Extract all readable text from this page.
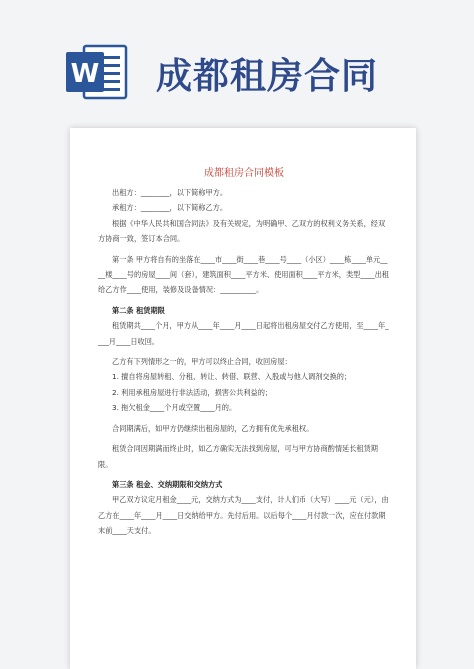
W 成都租房合同
成都租房合同模板

出租方：________，以下简称甲方。

承租方：________，以下简称乙方。

根据《中华人民共和国合同法》及有关规定，为明确甲、乙双方的权利义务关系，经双方协商一致，签订本合同。

第一条 甲方将自有的坐落在____市____街____巷____号____（小区）____栋____单元____楼____号的房屋____间（套），建筑面积____平方米、使用面积____平方米，类型____出租给乙方作____使用，装修及设备情况：__________。

第二条 租赁期限

租赁期共____个月，甲方从____年____月____日起将出租房屋交付乙方使用，至____年____月____日收回。

乙方有下列情形之一的，甲方可以终止合同，收回房屋：

1. 擅自将房屋转租、分租、转让、转借、联营、入股或与他人调剂交换的；

2. 利用承租房屋进行非法活动，损害公共利益的；

3. 拖欠租金____个月或空置____月的。

合同期满后，如甲方仍继续出租房屋的，乙方拥有优先承租权。

租赁合同因期满而终止时，如乙方确实无法找到房屋，可与甲方协商酌情延长租赁期限。

第三条 租金、交纳期限和交纳方式

甲乙双方议定月租金____元，交纳方式为____支付，计人们币（大写）____元（元），由乙方在____年____月____日交纳给甲方。先付后用。以后每个____月付款一次，应在付款期末前____天支付。
